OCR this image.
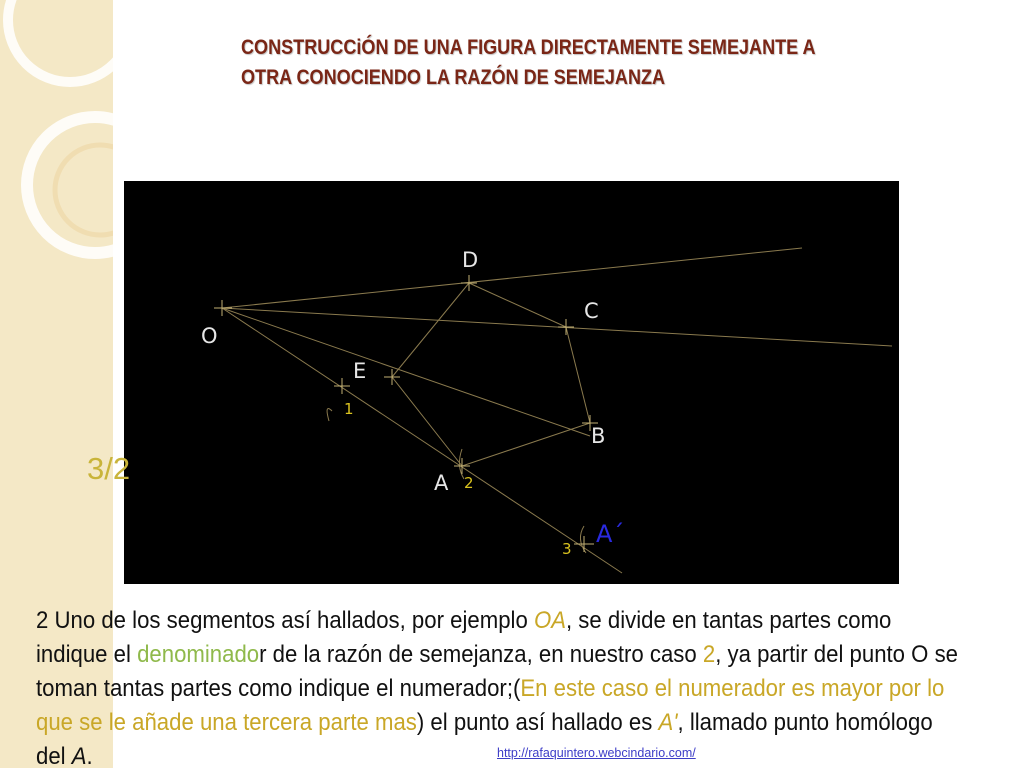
CONSTRUCCiÓN DE UNA FIGURA DIRECTAMENTE SEMEJANTE A
OTRA CONOCIENDO LA RAZÓN DE SEMEJANZA
O
D
C
E
B
A
A´
1
2
3
3/2
2 Uno de los segmentos así hallados, por ejemplo OA, se divide en tantas partes como
indique el denominador de la razón de semejanza, en nuestro caso 2, ya partir del punto O se
toman tantas partes como indique el numerador;(En este caso el numerador es mayor por lo
que se le añade una tercera parte mas) el punto así hallado es A', llamado punto homólogo
del A.	http://rafaquintero.webcindario.com/
